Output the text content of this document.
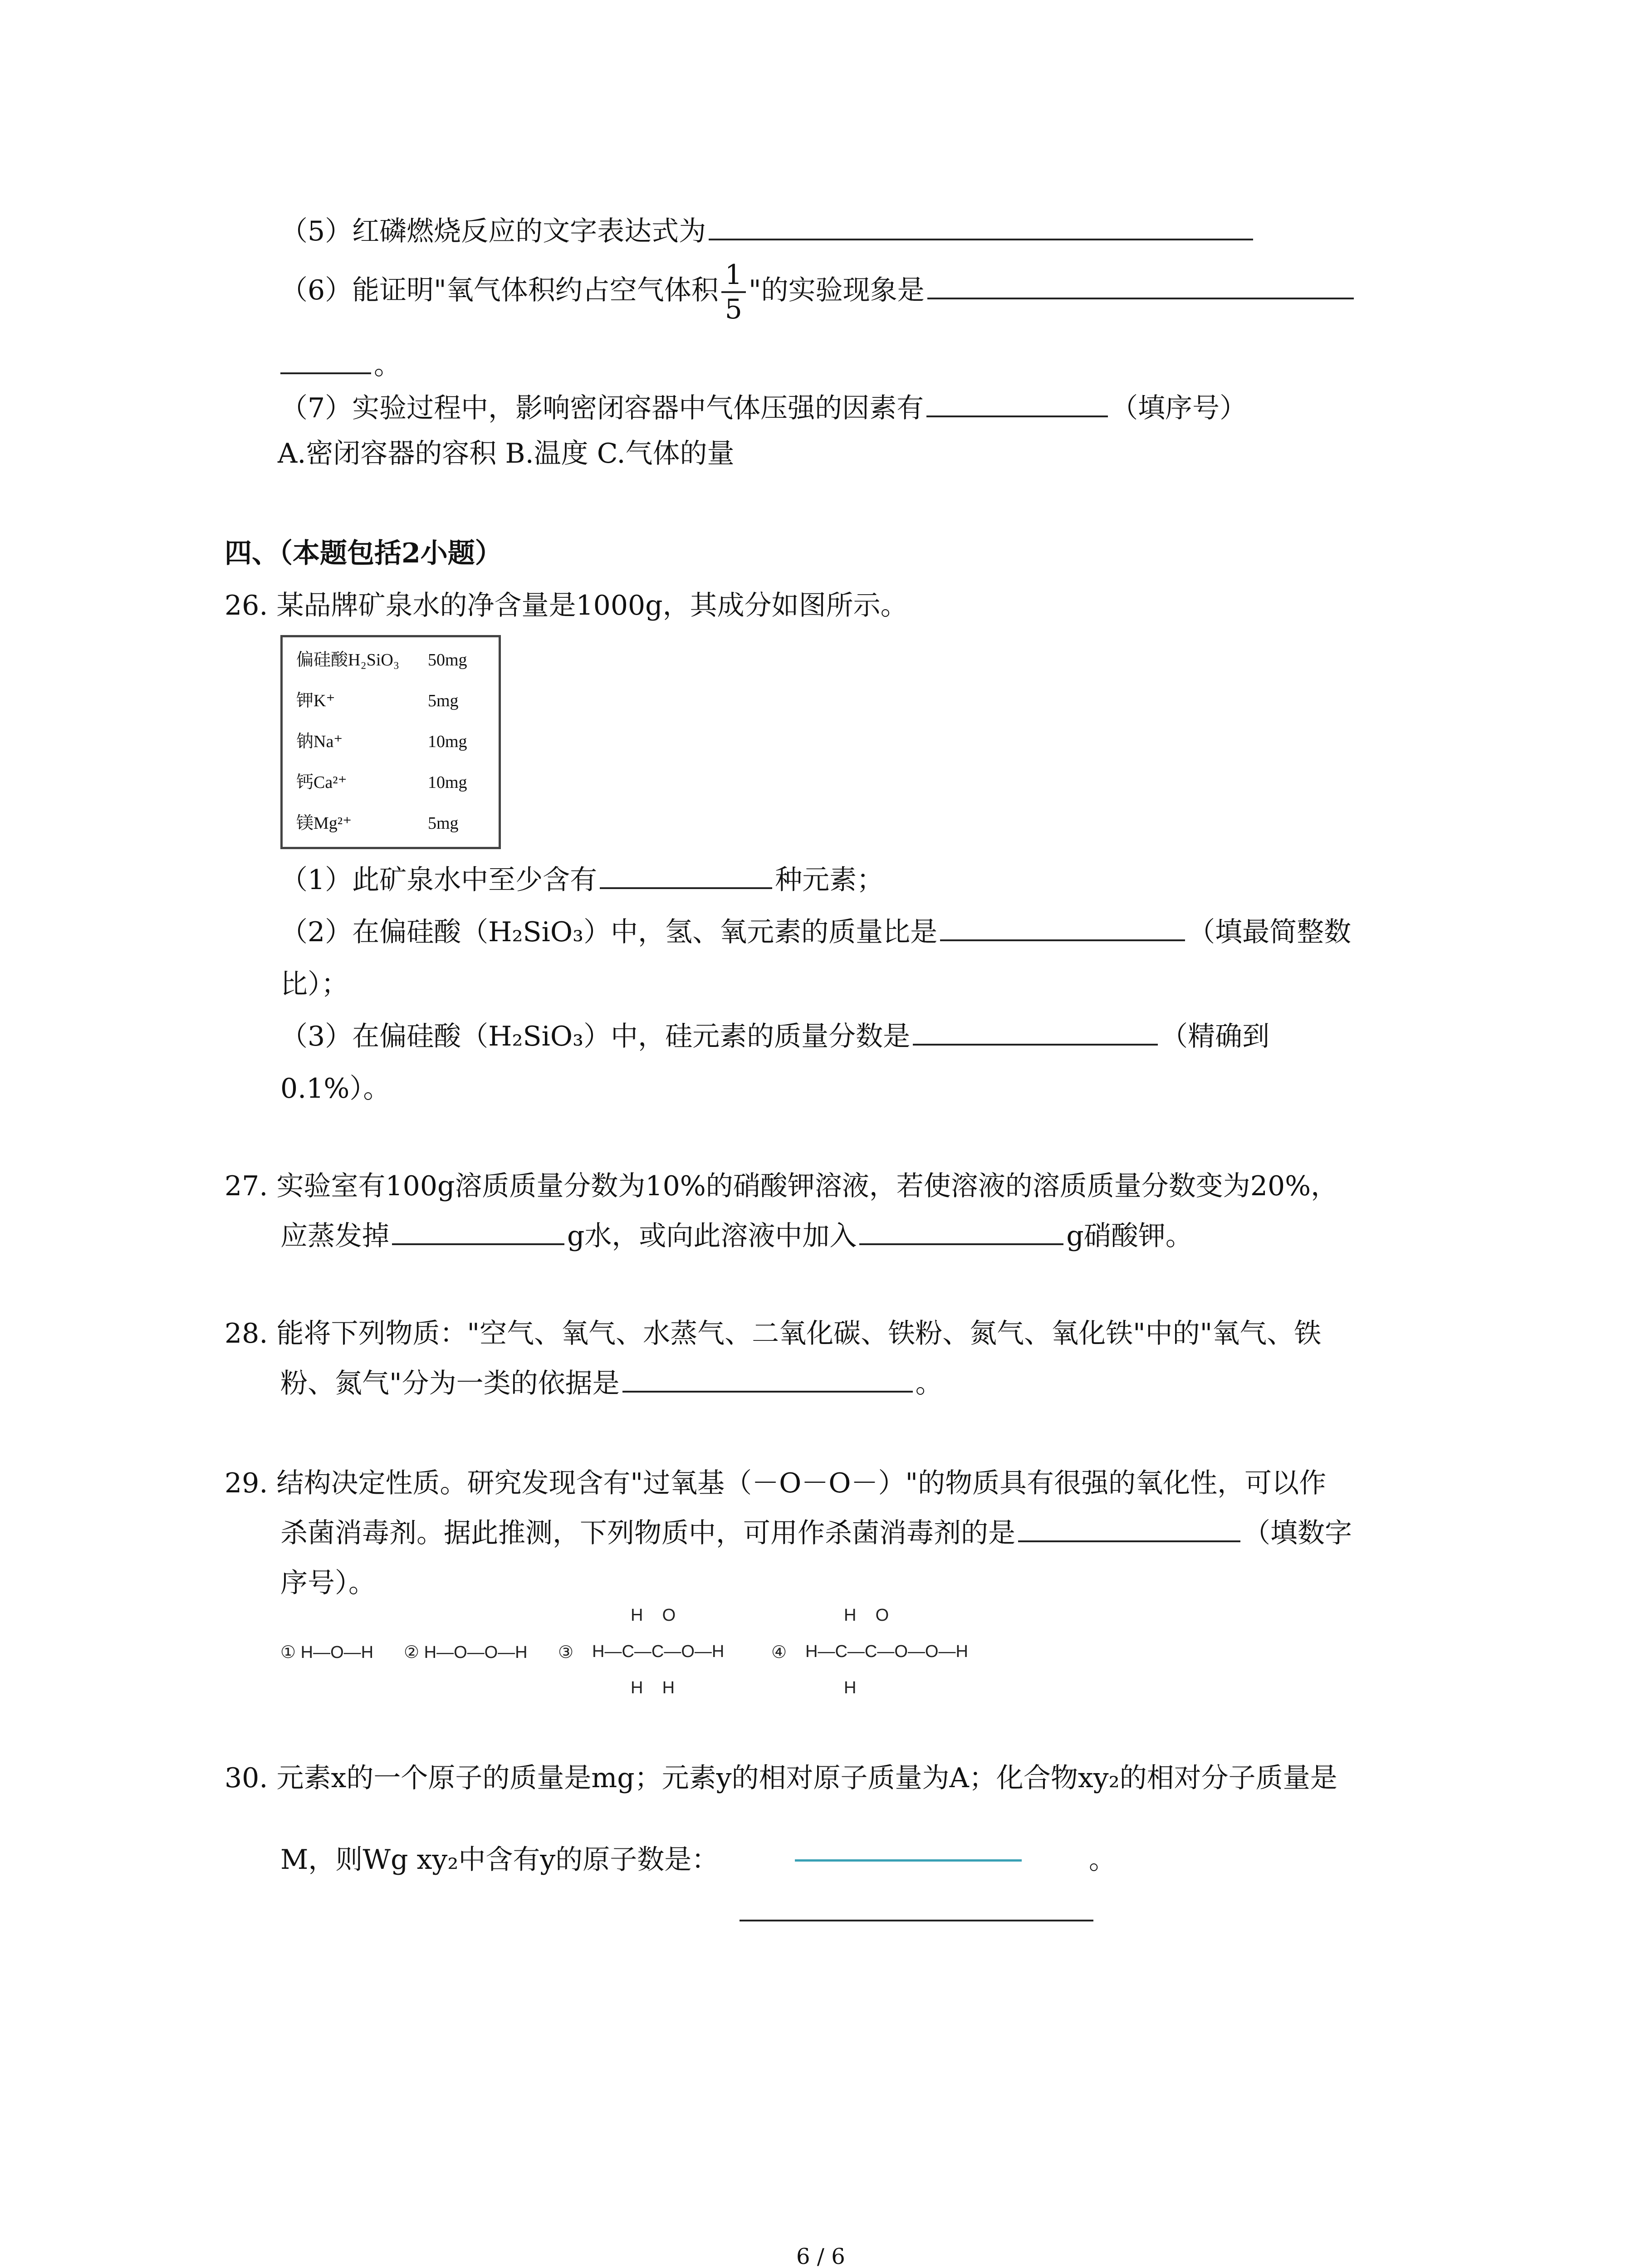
（5）红磷燃烧反应的文字表达式为
（6）能证明"氧气体积约占空气体积 $\frac{1}{5}$ "的实验现象是
。
（7）实验过程中，影响密闭容器中气体压强的因素有	（填序号）
A.密闭容器的容积 B.温度 C.气体的量
四、（本题包括2小题）
26. 某品牌矿泉水的净含量是1000g，其成分如图所示。
偏硅酸H₂SiO₃ 50mg
钾K⁺	5mg
钠Na⁺	10mg
钙Ca²⁺	10mg
镁Mg²⁺	5mg
（1）此矿泉水中至少含有	种元素；
（2）在偏硅酸（H₂SiO₃）中，氢、氧元素的质量比是	（填最简整数
比）；
（3）在偏硅酸（H₂SiO₃）中，硅元素的质量分数是	（精确到
0.1%）。
27. 实验室有100g溶质质量分数为10%的硝酸钾溶液，若使溶液的溶质质量分数变为20%，
应蒸发掉	g水，或向此溶液中加入	g硝酸钾。
28. 能将下列物质："空气、氧气、水蒸气、二氧化碳、铁粉、氮气、氧化铁"中的"氧气、铁
粉、氮气"分为一类的依据是	。
29. 结构决定性质。研究发现含有"过氧基（－O－O－）"的物质具有很强的氧化性，可以作
杀菌消毒剂。据此推测，下列物质中，可用作杀菌消毒剂的是	（填数字
序号）。
① H—O—H ② H—O—O—H ③
H    O
H—C—C—O—H
H    H
④
H    O
H—C—C—O—O—H
H
30. 元素x的一个原子的质量是mg；元素y的相对原子质量为A；化合物xy₂的相对分子质量是
M，则Wg xy₂中含有y的原子数是：	。
6 / 6
